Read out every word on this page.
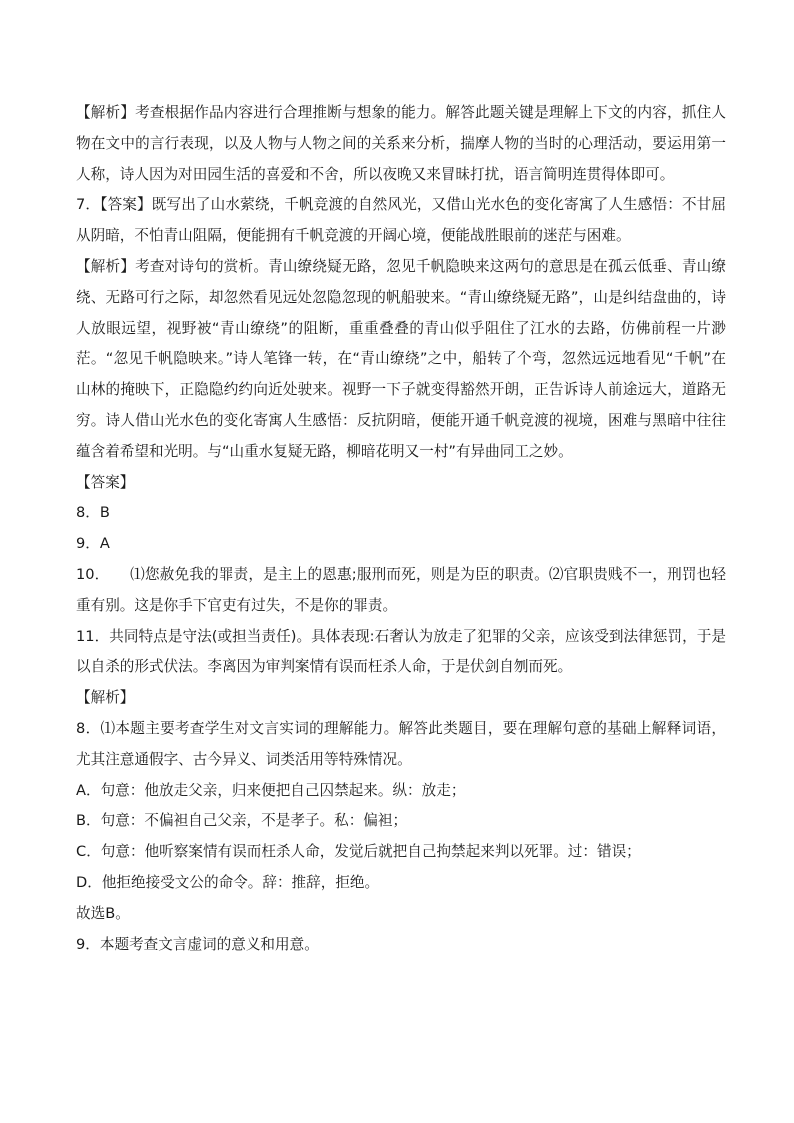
【解析】考查根据作品内容进行合理推断与想象的能力。解答此题关键是理解上下文的内容，抓住人物在文中的言行表现，以及人物与人物之间的关系来分析，揣摩人物的当时的心理活动，要运用第一人称，诗人因为对田园生活的喜爱和不舍，所以夜晚又来冒昧打扰，语言简明连贯得体即可。

7．【答案】既写出了山水萦绕，千帆竞渡的自然风光，又借山光水色的变化寄寓了人生感悟：不甘屈从阴暗，不怕青山阻隔，便能拥有千帆竞渡的开阔心境，便能战胜眼前的迷茫与困难。

【解析】考查对诗句的赏析。青山缭绕疑无路，忽见千帆隐映来这两句的意思是在孤云低垂、青山缭绕、无路可行之际，却忽然看见远处忽隐忽现的帆船驶来。“青山缭绕疑无路”，山是纠结盘曲的，诗人放眼远望，视野被“青山缭绕”的阻断，重重叠叠的青山似乎阻住了江水的去路，仿佛前程一片渺茫。“忽见千帆隐映来。”诗人笔锋一转，在“青山缭绕”之中，船转了个弯，忽然远远地看见“千帆”在山林的掩映下，正隐隐约约向近处驶来。视野一下子就变得豁然开朗，正告诉诗人前途远大，道路无穷。诗人借山光水色的变化寄寓人生感悟：反抗阴暗，便能开通千帆竞渡的视境，困难与黑暗中往往蕴含着希望和光明。与“山重水复疑无路，柳暗花明又一村”有异曲同工之妙。

【答案】

8．B

9．A

10． ⑴您赦免我的罪责，是主上的恩惠;服刑而死，则是为臣的职责。⑵官职贵贱不一，刑罚也轻重有别。这是你手下官吏有过失，不是你的罪责。

11．共同特点是守法(或担当责任)。具体表现:石奢认为放走了犯罪的父亲，应该受到法律惩罚，于是以自杀的形式伏法。李离因为审判案情有误而枉杀人命，于是伏剑自刎而死。

【解析】

8．⑴本题主要考查学生对文言实词的理解能力。解答此类题目，要在理解句意的基础上解释词语，尤其注意通假字、古今异义、词类活用等特殊情况。

A．句意：他放走父亲，归来便把自己囚禁起来。纵：放走；

B．句意：不偏袒自己父亲，不是孝子。私：偏袒；

C．句意：他听察案情有误而枉杀人命，发觉后就把自己拘禁起来判以死罪。过：错误；

D．他拒绝接受文公的命令。辞：推辞，拒绝。

故选B。

9．本题考查文言虚词的意义和用意。
